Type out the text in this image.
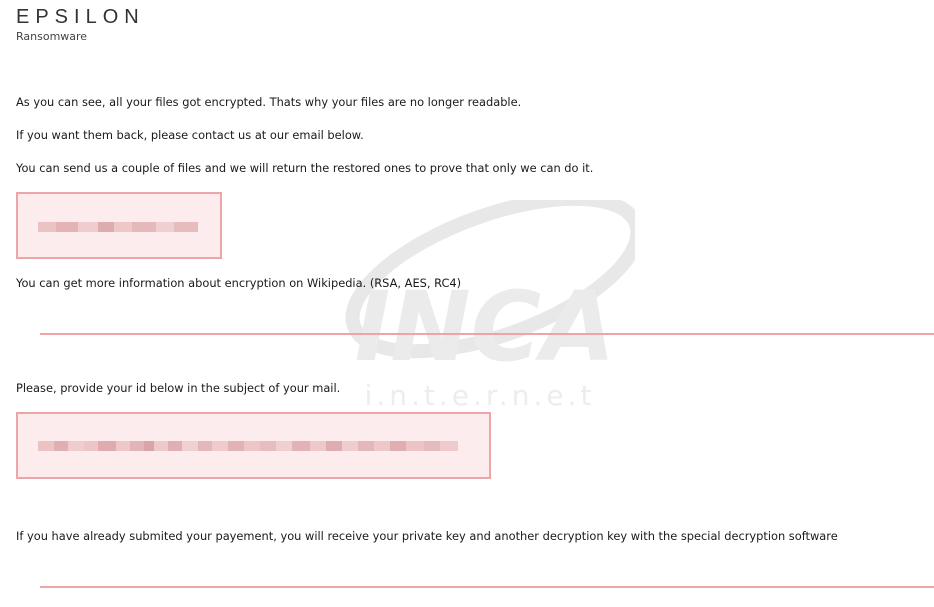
EPSILON
Ransomware
INCA
i.n.t.e.r.n.e.t
As you can see, all your files got encrypted. Thats why your files are no longer readable.
If you want them back, please contact us at our email below.
You can send us a couple of files and we will return the restored ones to prove that only we can do it.
You can get more information about encryption on Wikipedia. (RSA, AES, RC4)
Please, provide your id below in the subject of your mail.
If you have already submited your payement, you will receive your private key and another decryption key with the special decryption software
